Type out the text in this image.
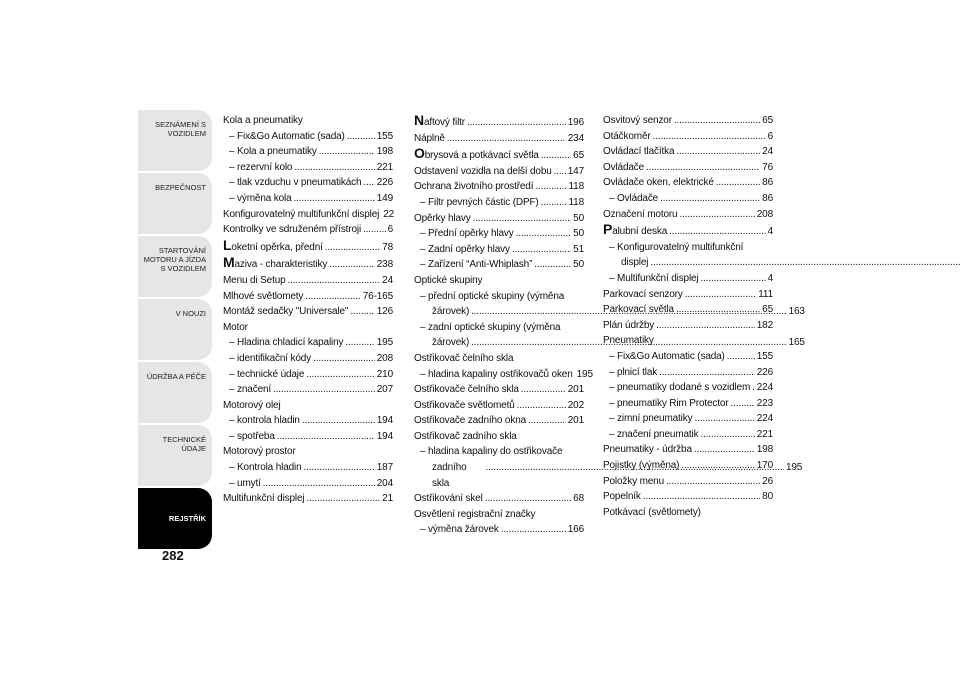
SEZNÁMENÍ S VOZIDLEM
BEZPEČNOST
STARTOVÁNÍ MOTORU A JÍZDA S VOZIDLEM
V NOUZI
ÚDRŽBA A PÉČE
TECHNICKÉ ÚDAJE
REJSTŘÍK
282
Kola a pneumatiky
– Fix&Go Automatic (sada) .....	155
– Kola a pneumatiky .....	198
– rezervní kolo .....	221
– tlak vzduchu v pneumatikách ..... 226
– výměna kola .....	149
Konfigurovatelný multifunkční displej 22
Kontrolky ve sdruženém přístroji .....	6
Loketní opěrka, přední .....	78
Maziva - charakteristiky .....	238
Menu di Setup .....	24
Mlhové světlomety .....	76-165
Montáž sedačky "Universale" .....	126
Motor
– Hladina chladicí kapaliny .....	195
– identifikační kódy .....	208
– technické údaje .....	210
– značení .....	207
Motorový olej
– kontrola hladin .....	194
– spotřeba .....	194
Motorový prostor
– Kontrola hladin .....	187
– umytí .....	204
Multifunkční displej .....	21
Naftový filtr .....	196
Náplně .....	234
Obrysová a potkávací světla .....	65
Odstavení vozidla na delší dobu ..... 147
Ochrana životního prostředí .....	118
– Filtr pevných částic (DPF) .....	118
Opěrky hlavy .....	50
– Přední opěrky hlavy .....	50
– Zadní opěrky hlavy .....	51
– Zařízení “Anti-Whiplash” .....	50
Optické skupiny
– přední optické skupiny (výměna

žárovek) .....	163
– zadní optické skupiny (výměna

žárovek) .....	165
Ostřikovač čelního skla
– hladina kapaliny ostřikovačů oken 195
Ostřikovače čelního skla .....	201
Ostřikovače světlometů .....	202
Ostřikovače zadního okna .....	201
Ostřikovač zadního skla
– hladina kapaliny do ostřikovače

zadního skla
.....
195
Ostřikování skel .....	68
Osvětlení registrační značky
– výměna žárovek .....	166
Osvitový senzor .....	65
Otáčkoměr .....	6
Ovládací tlačítka .....	24
Ovládače .....	76
Ovládače oken, elektrické .....	86
– Ovládače .....	86
Označení motoru .....	208
Palubní deska .....	4
– Konfigurovatelný multifunkční

displej
.....
– Multifunkční displej .....	4
Parkovací senzory .....	111
Parkovací světla .....	65
Plán údržby .....	182
Pneumatiky
– Fix&Go Automatic (sada) .....	155
– plnicí tlak .....	226
– pneumatiky dodané s vozidlem ..... 224
– pneumatiky Rim Protector .....	223
– zimní pneumatiky .....	224
– značení pneumatik .....	221
Pneumatiky - údržba .....	198
Pojistky (výměna) .....	170
Položky menu .....	26
Popelník .....	80
Potkávací (světlomety)
